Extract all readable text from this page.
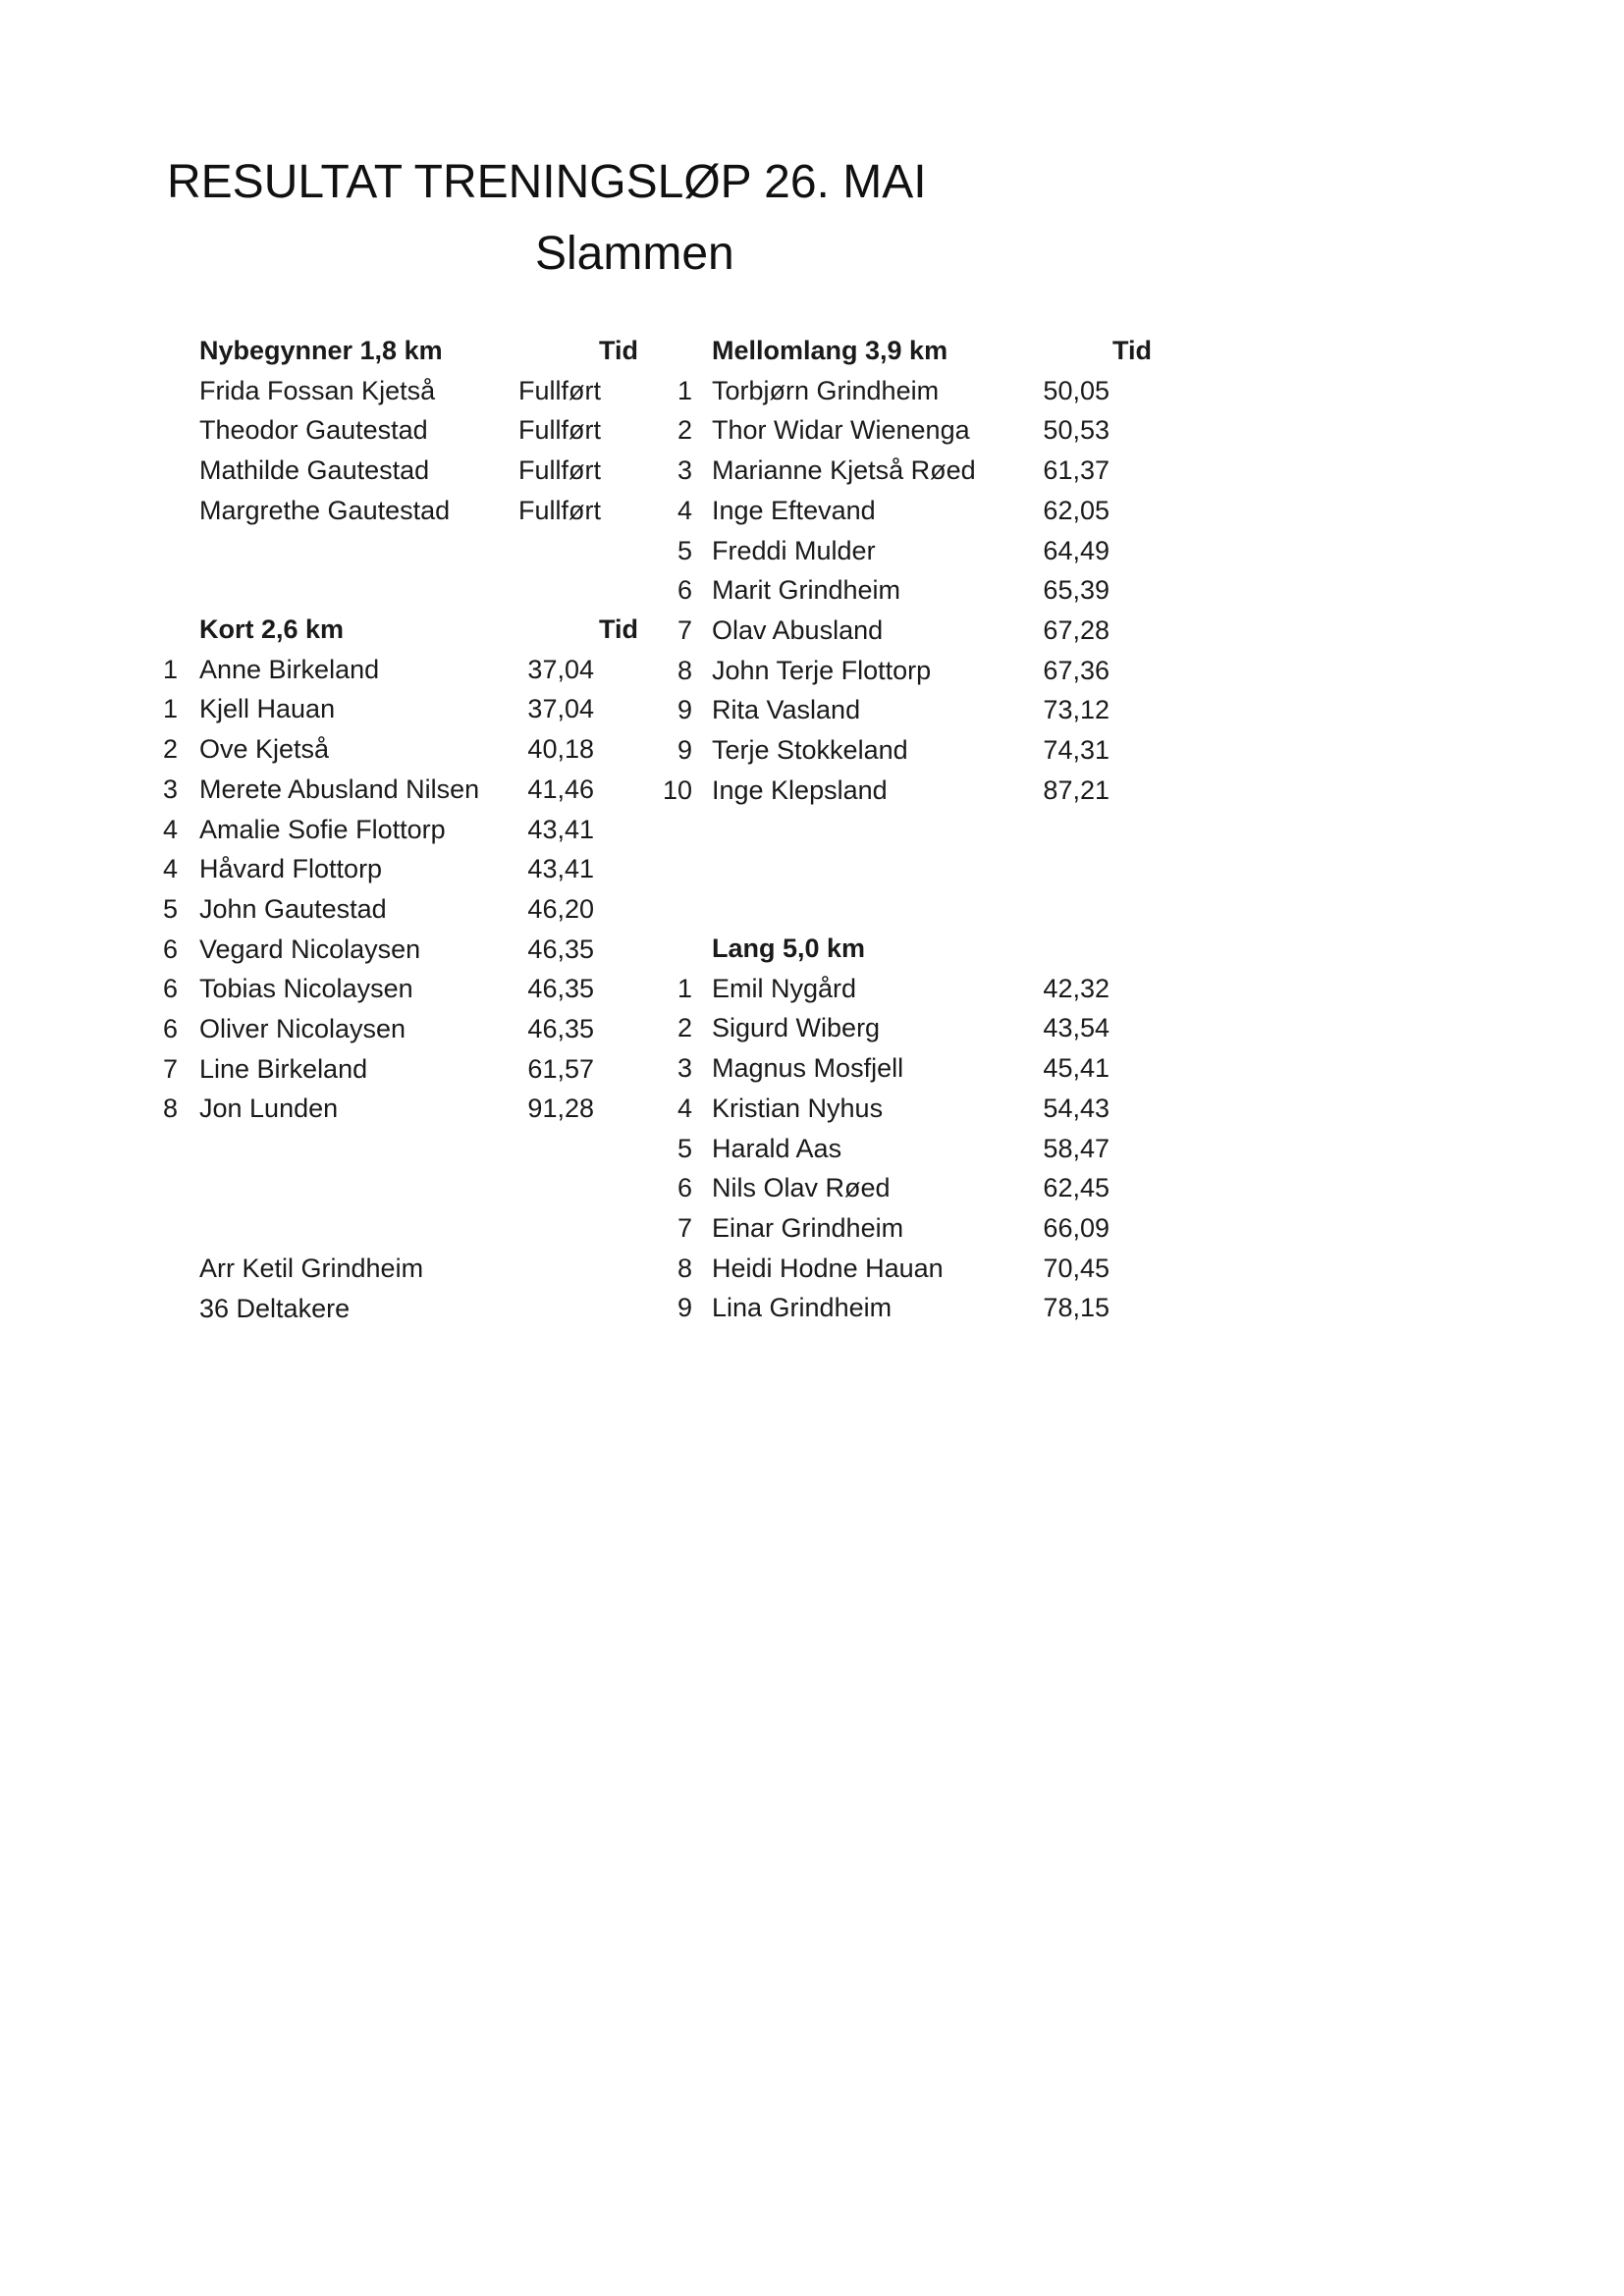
RESULTAT TRENINGSLØP 26. MAI
Slammen
Nybegynner 1,8 km	Tid
Frida Fossan Kjetså	Fullført
Theodor Gautestad	Fullført
Mathilde Gautestad	Fullført
Margrethe Gautestad	Fullført
Kort 2,6 km	Tid
1 Anne Birkeland	37,04
1 Kjell Hauan	37,04
2 Ove Kjetså	40,18
3 Merete Abusland Nilsen	41,46
4 Amalie Sofie Flottorp	43,41
4 Håvard Flottorp	43,41
5 John Gautestad	46,20
6 Vegard Nicolaysen	46,35
6 Tobias Nicolaysen	46,35
6 Oliver Nicolaysen	46,35
7 Line Birkeland	61,57
8 Jon Lunden	91,28
Mellomlang 3,9 km	Tid
1 Torbjørn Grindheim	50,05
2 Thor Widar Wienenga	50,53
3 Marianne Kjetså Røed	61,37
4 Inge Eftevand	62,05
5 Freddi Mulder	64,49
6 Marit Grindheim	65,39
7 Olav Abusland	67,28
8 John Terje Flottorp	67,36
9 Rita Vasland	73,12
9 Terje Stokkeland	74,31
10 Inge Klepsland	87,21
Lang 5,0 km
1 Emil Nygård	42,32
2 Sigurd Wiberg	43,54
3 Magnus Mosfjell	45,41
4 Kristian Nyhus	54,43
5 Harald Aas	58,47
6 Nils Olav Røed	62,45
7 Einar Grindheim	66,09
8 Heidi Hodne Hauan	70,45
9 Lina Grindheim	78,15
Arr Ketil Grindheim
36 Deltakere
